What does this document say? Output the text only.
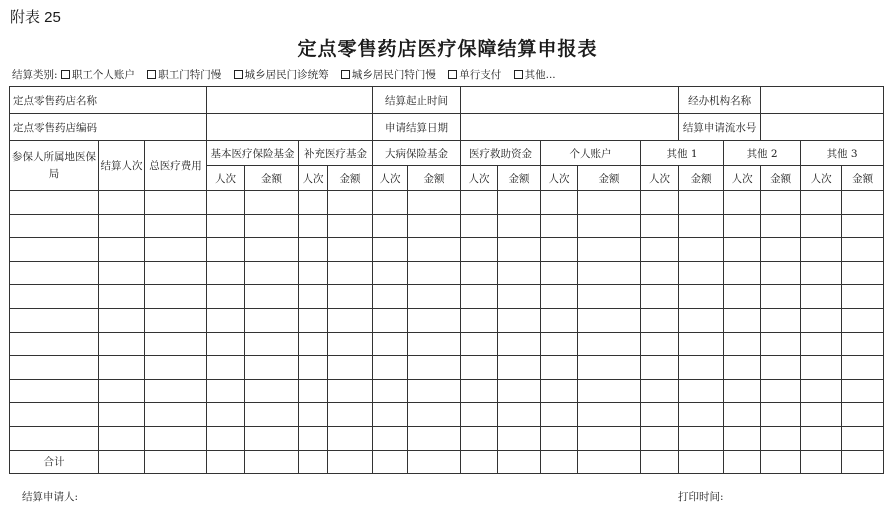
附表 25
定点零售药店医疗保障结算申报表
结算类别: 职工个人账户 职工门特门慢 城乡居民门诊统筹 城乡居民门特门慢 单行支付 其他...
定点零售药店名称							结算起止时间							经办机构名称				
定点零售药店编码							申请结算日期							结算申请流水号				
参保人所属地医保局	结算人次	总医疗费用	基本医疗保险基金		补充医疗基金		大病保险基金		医疗救助资金		个人账户		其他 1		其他 2		其他 3	
			人次	金额	人次	金额	人次	金额	人次	金额	人次	金额	人次	金额	人次	金额	人次	金额

合计																		
结算申请人:	打印时间:
